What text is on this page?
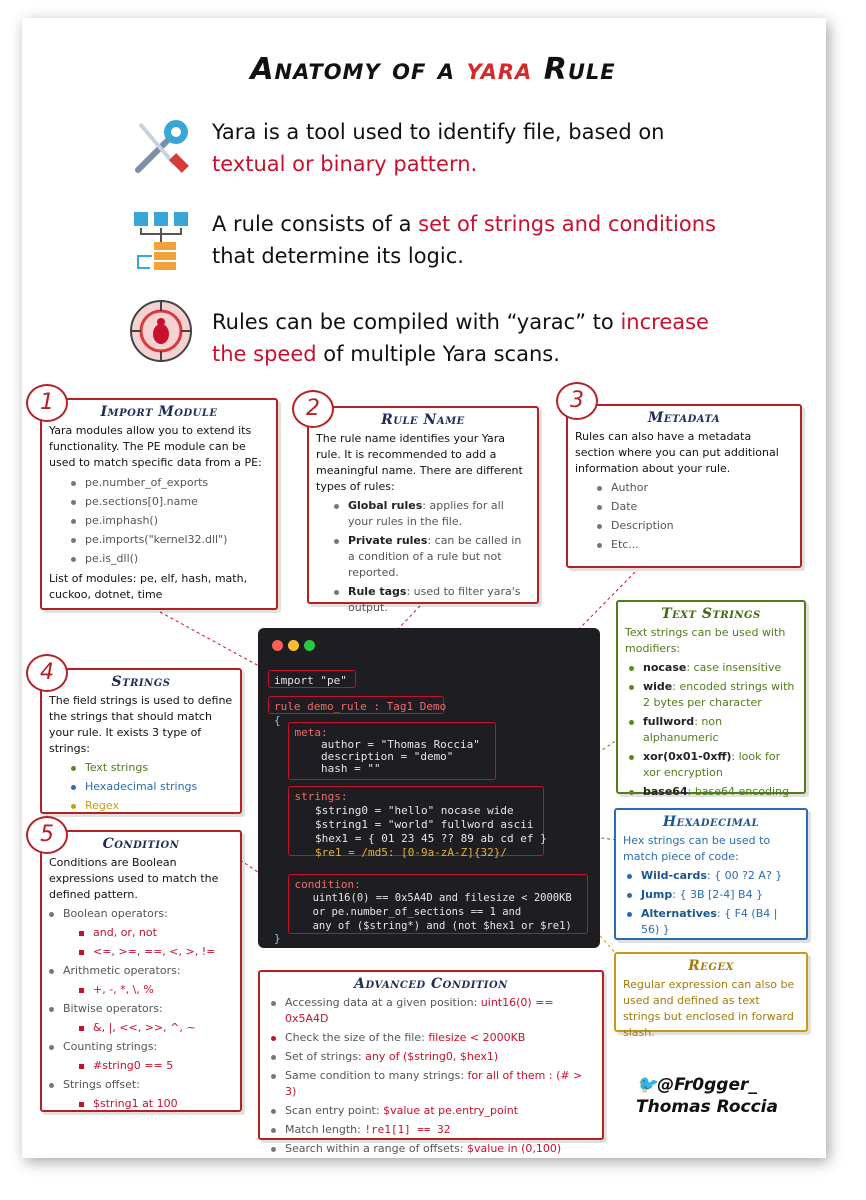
Anatomy of a yara Rule
Yara is a tool used to identify file, based on
textual or binary pattern.
A rule consists of a set of strings and conditions
that determine its logic.
Rules can be compiled with “yarac” to increase
the speed of multiple Yara scans.
Import Module

Yara modules allow you to extend its functionality. The PE module can be used to match specific data from a PE:

pe.number_of_exports
pe.sections[0].name
pe.imphash()
pe.imports("kernel32.dll")
pe.is_dll()

List of modules: pe, elf, hash, math, cuckoo, dotnet, time

1
Rule Name

The rule name identifies your Yara rule. It is recommended to add a meaningful name. There are different types of rules:

Global rules: applies for all your rules in the file.
Private rules: can be called in a condition of a rule but not reported.
Rule tags: used to filter yara's output.
2	Metadata

Rules can also have a metadata section where you can put additional information about your rule.

Author
Date
Description
Etc...
3
Strings

The field strings is used to define the strings that should match your rule. It exists 3 type of strings:

Text strings
Hexadecimal strings
Regex
4
Condition

Conditions are Boolean expressions used to match the defined pattern.

Boolean operators:
and, or, not
<=, >=, ==, <, >, !=
Arithmetic operators:
+, -, *, \, %
Bitwise operators:
&, |, <<, >>, ^, ~
Counting strings:
#string0 == 5
Strings offset:
$string1 at 100
5
Text Strings

Text strings can be used with modifiers:

nocase: case insensitive
wide: encoded strings with 2 bytes per character
fullword: non alphanumeric
xor(0x01-0xff): look for xor encryption
base64: base64 encoding
Hexadecimal

Hex strings can be used to match piece of code:

Wild-cards: { 00 ?2 A? }
Jump: { 3B [2-4] B4 }
Alternatives: { F4 (B4 | 56) }
Regex

Regular expression can also be used and defined as text strings but enclosed in forward slash.

Advanced Condition
Accessing data at a given position: uint16(0) == 0x5A4D
Check the size of the file: filesize < 2000KB
Set of strings: any of ($string0, $hex1)
Same condition to many strings: for all of them : (# > 3)
Scan entry point: $value at pe.entry_point
Match length: !re1[1] == 32
Search within a range of offsets: $value in (0,100)
import "pe"
rule demo_rule : Tag1 Demo
{
meta:
author = "Thomas Roccia"
description = "demo"
hash = ""
strings:
$string0 = "hello" nocase wide
$string1 = "world" fullword ascii
$hex1 = { 01 23 45 ?? 89 ab cd ef }
$re1 = /md5: [0-9a-zA-Z]{32}/
condition:
uint16(0) == 0x5A4D and filesize < 2000KB
or pe.number_of_sections == 1 and
any of ($string*) and (not $hex1 or $re1)
}
🐦@Fr0gger_
Thomas Roccia
